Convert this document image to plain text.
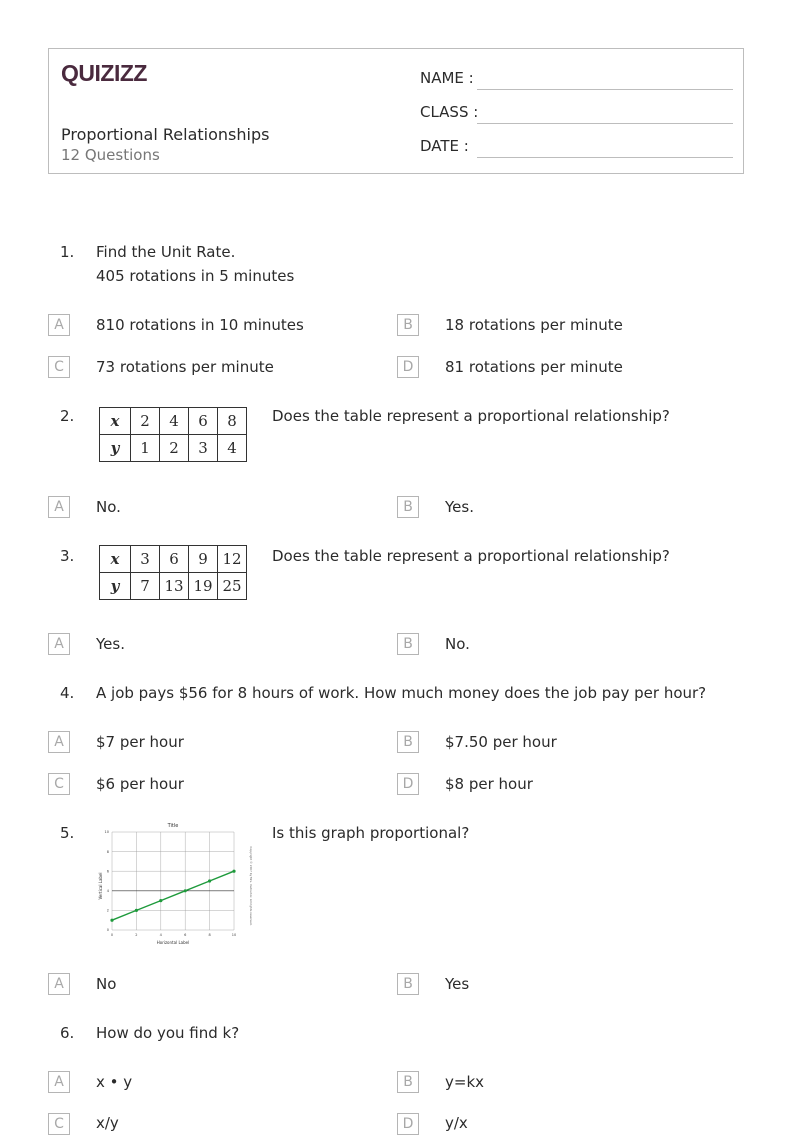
QUIZIZZ
Proportional Relationships
12 Questions
NAME :
CLASS :
DATE :
1. Find the Unit Rate.
405 rotations in 5 minutes
A	810 rotations in 10 minutes	B	18 rotations per minute
C	73 rotations per minute	D	81 rotations per minute
2. x	2	4	6	8
y	1	2	3	4
Does the table represent a proportional relationship?
A	No.	B	Yes.
3. x	3	6	9	12
y	7	13	19	25
Does the table represent a proportional relationship?
A	Yes.	B	No.
4. A job pays $56 for 8 hours of work. How much money does the job pay per hour?
A	$7 per hour	B	$7.50 per hour
C	$6 per hour	D	$8 per hour
5.	Title
0	2	4	6	8	10
0
2
4
6
8
10
Horizontal Label
Vertical Label	Copyright © 2007 by Mrs. Instructor. All rights reserved.
Is this graph proportional?
A	No	B	Yes
6. How do you find k?
A	x • y	B	y=kx
C	x/y	D	y/x
